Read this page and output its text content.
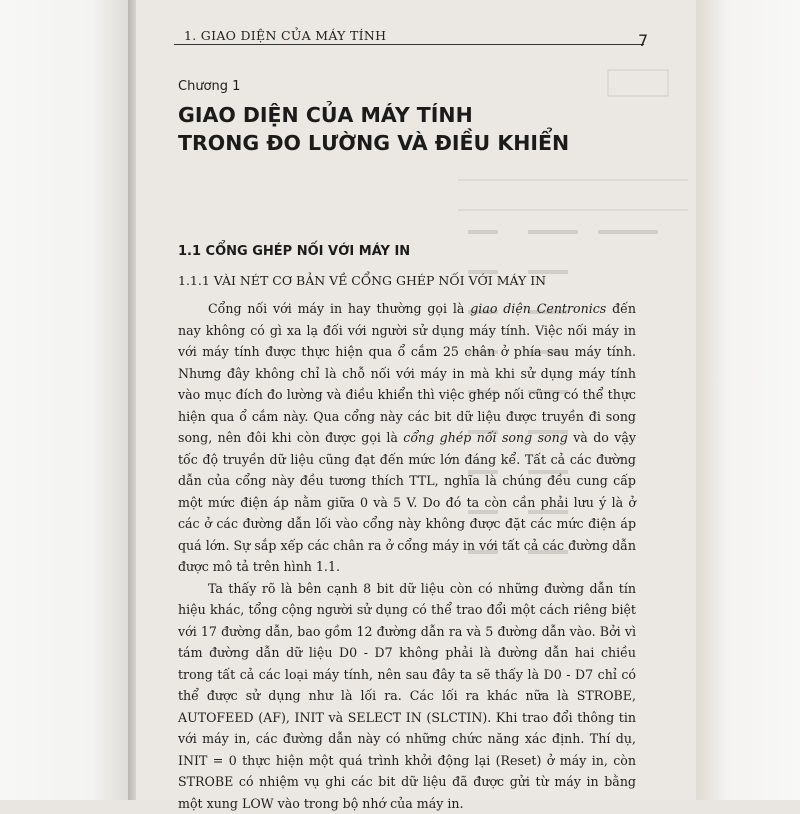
1. GIAO DIỆN CỦA MÁY TÍNH	7
Chương 1
GIAO DIỆN CỦA MÁY TÍNH
TRONG ĐO LƯỜNG VÀ ĐIỀU KHIỂN
1.1 CỔNG GHÉP NỐI VỚI MÁY IN
1.1.1 VÀI NÉT CƠ BẢN VỀ CỔNG GHÉP NỐI VỚI MÁY IN

Cổng nối với máy in hay thường gọi là giao diện Centronics đến nay không có gì xa lạ đối với người sử dụng máy tính. Việc nối máy in với máy tính được thực hiện qua ổ cắm 25 chân ở phía sau máy tính. Nhưng đây không chỉ là chỗ nối với máy in mà khi sử dụng máy tính vào mục đích đo lường và điều khiển thì việc ghép nối cũng có thể thực hiện qua ổ cắm này. Qua cổng này các bit dữ liệu được truyền đi song song, nên đôi khi còn được gọi là cổng ghép nối song song và do vậy tốc độ truyền dữ liệu cũng đạt đến mức lớn đáng kể. Tất cả các đường dẫn của cổng này đều tương thích TTL, nghĩa là chúng đều cung cấp một mức điện áp nằm giữa 0 và 5 V. Do đó ta còn cần phải lưu ý là ở các ở các đường dẫn lối vào cổng này không được đặt các mức điện áp quá lớn. Sự sắp xếp các chân ra ở cổng máy in với tất cả các đường dẫn được mô tả trên hình 1.1.

Ta thấy rõ là bên cạnh 8 bit dữ liệu còn có những đường dẫn tín hiệu khác, tổng cộng người sử dụng có thể trao đổi một cách riêng biệt với 17 đường dẫn, bao gồm 12 đường dẫn ra và 5 đường dẫn vào. Bởi vì tám đường dẫn dữ liệu D0 - D7 không phải là đường dẫn hai chiều trong tất cả các loại máy tính, nên sau đây ta sẽ thấy là D0 - D7 chỉ có thể được sử dụng như là lối ra. Các lối ra khác nữa là STROBE, AUTOFEED (AF), INIT và SELECT IN (SLCTIN). Khi trao đổi thông tin với máy in, các đường dẫn này có những chức năng xác định. Thí dụ, INIT = 0 thực hiện một quá trình khởi động lại (Reset) ở máy in, còn STROBE có nhiệm vụ ghi các bit dữ liệu đã được gửi từ máy in bằng một xung LOW vào trong bộ nhớ của máy in.
